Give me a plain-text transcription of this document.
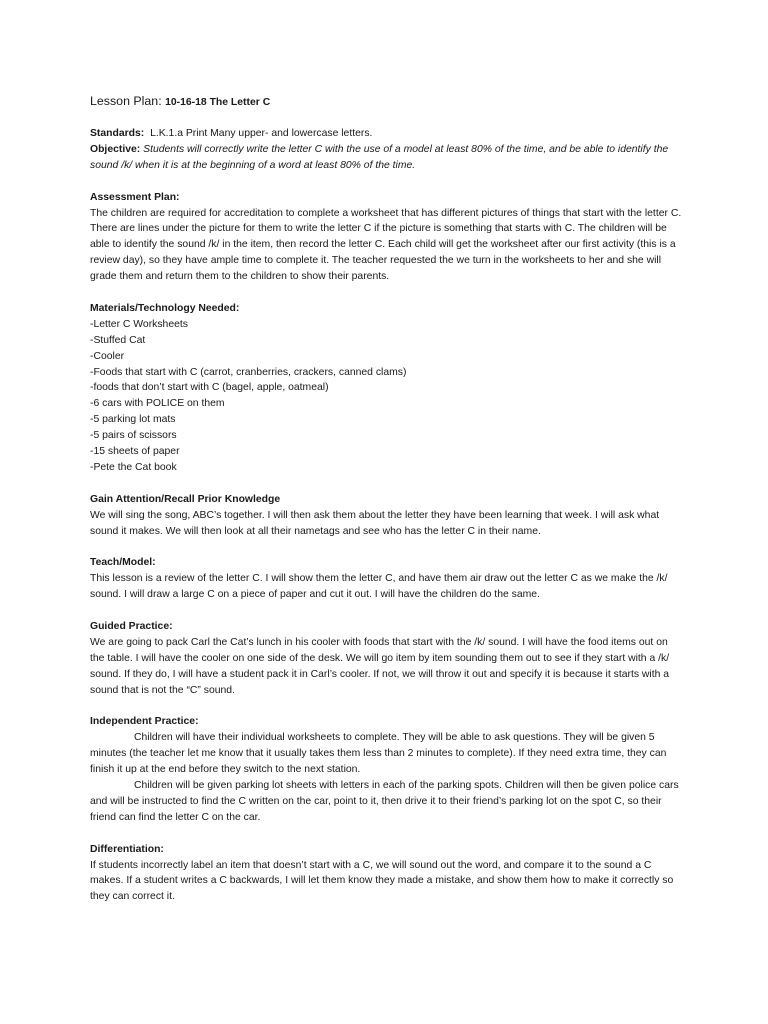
Lesson Plan: 10-16-18 The Letter C

Standards: L.K.1.a Print Many upper- and lowercase letters.

Objective: Students will correctly write the letter C with the use of a model at least 80% of the time, and be able to identify the sound /k/ when it is at the beginning of a word at least 80% of the time.

Assessment Plan:

The children are required for accreditation to complete a worksheet that has different pictures of things that start with the letter C. There are lines under the picture for them to write the letter C if the picture is something that starts with C. The children will be able to identify the sound /k/ in the item, then record the letter C. Each child will get the worksheet after our first activity (this is a review day), so they have ample time to complete it. The teacher requested the we turn in the worksheets to her and she will grade them and return them to the children to show their parents.

Materials/Technology Needed:

-Letter C Worksheets
-Stuffed Cat
-Cooler
-Foods that start with C (carrot, cranberries, crackers, canned clams)
-foods that don’t start with C (bagel, apple, oatmeal)
-6 cars with POLICE on them
-5 parking lot mats
-5 pairs of scissors
-15 sheets of paper
-Pete the Cat book

Gain Attention/Recall Prior Knowledge

We will sing the song, ABC’s together. I will then ask them about the letter they have been learning that week. I will ask what sound it makes. We will then look at all their nametags and see who has the letter C in their name.

Teach/Model:

This lesson is a review of the letter C. I will show them the letter C, and have them air draw out the letter C as we make the /k/ sound. I will draw a large C on a piece of paper and cut it out. I will have the children do the same.

Guided Practice:

We are going to pack Carl the Cat’s lunch in his cooler with foods that start with the /k/ sound. I will have the food items out on the table. I will have the cooler on one side of the desk. We will go item by item sounding them out to see if they start with a /k/ sound. If they do, I will have a student pack it in Carl’s cooler. If not, we will throw it out and specify it is because it starts with a sound that is not the “C” sound.

Independent Practice:

Children will have their individual worksheets to complete. They will be able to ask questions. They will be given 5 minutes (the teacher let me know that it usually takes them less than 2 minutes to complete). If they need extra time, they can finish it up at the end before they switch to the next station.

Children will be given parking lot sheets with letters in each of the parking spots. Children will then be given police cars and will be instructed to find the C written on the car, point to it, then drive it to their friend’s parking lot on the spot C, so their friend can find the letter C on the car.

Differentiation:

If students incorrectly label an item that doesn’t start with a C, we will sound out the word, and compare it to the sound a C makes. If a student writes a C backwards, I will let them know they made a mistake, and show them how to make it correctly so they can correct it.
